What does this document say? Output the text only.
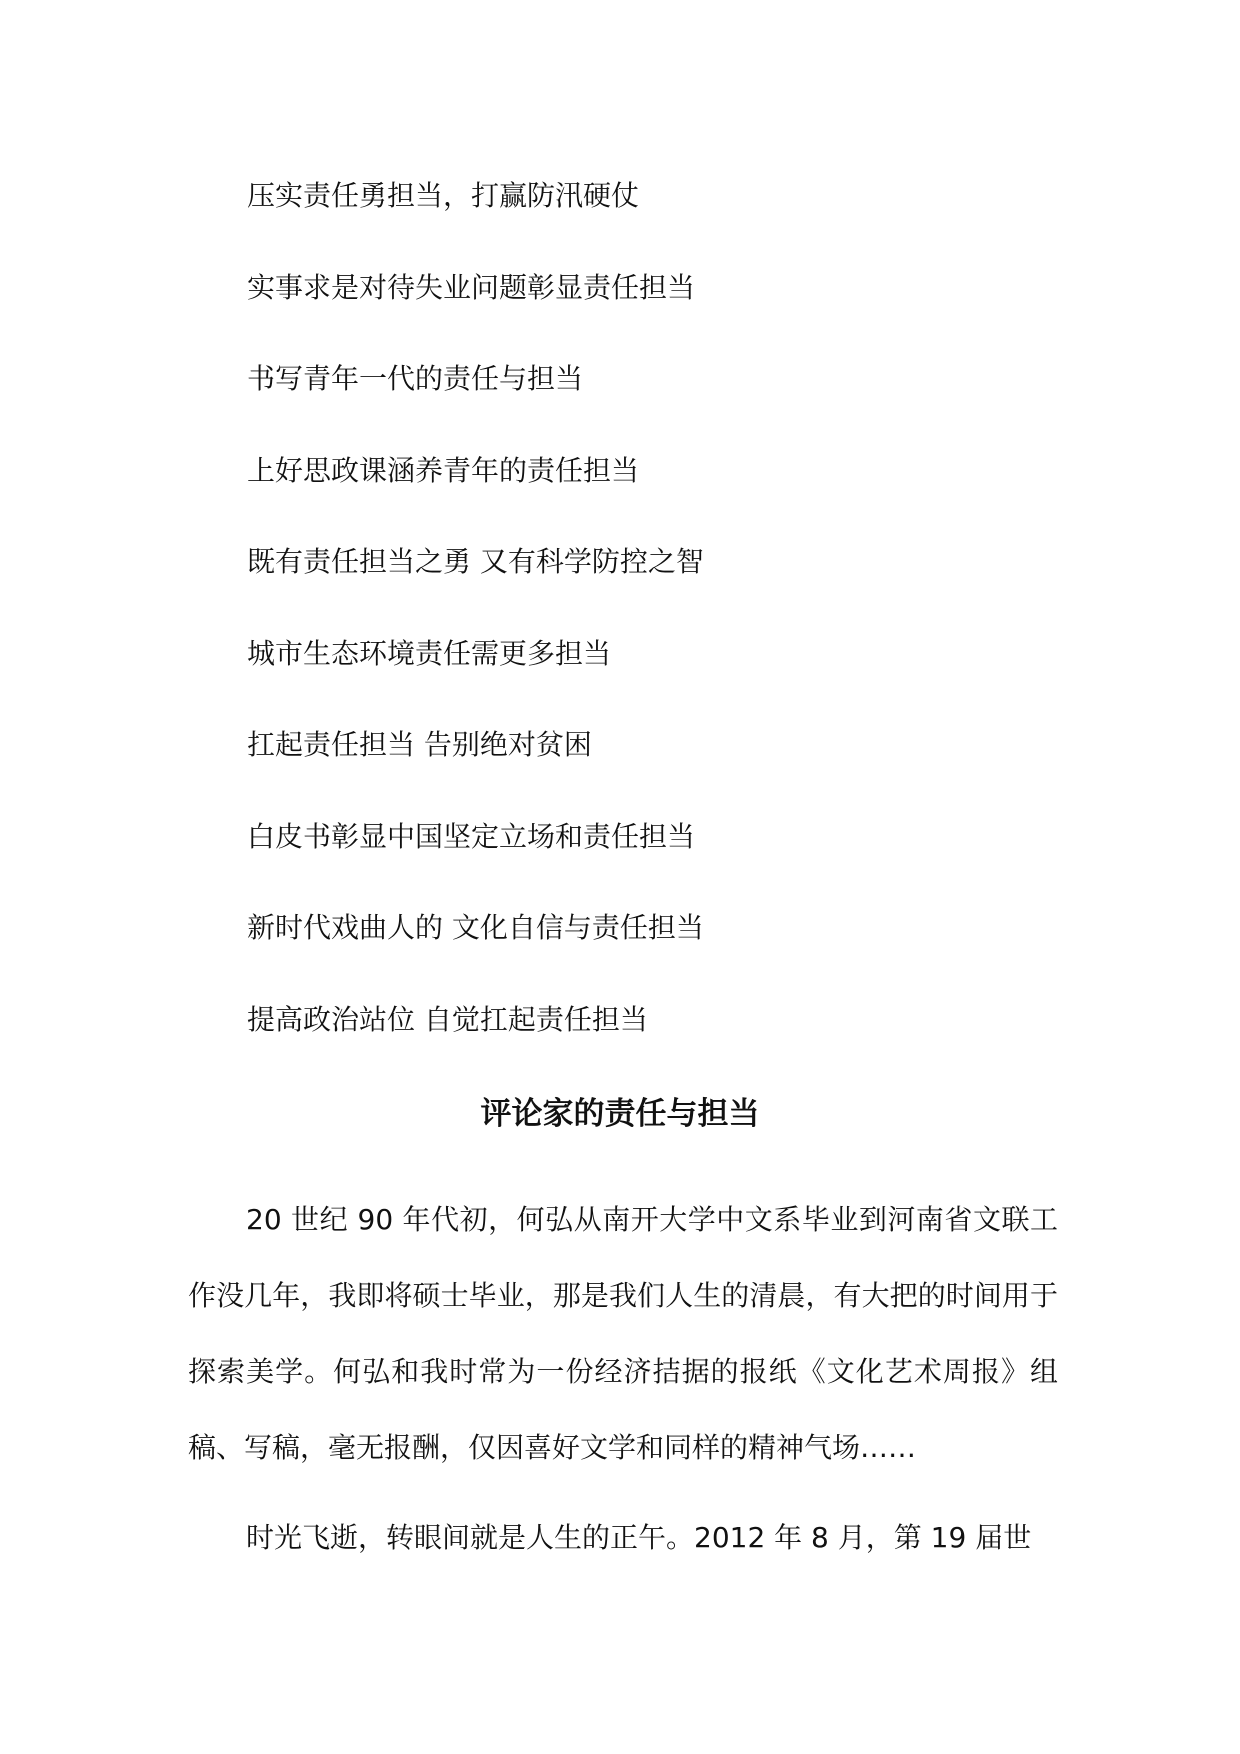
压实责任勇担当，打赢防汛硬仗
实事求是对待失业问题彰显责任担当
书写青年一代的责任与担当
上好思政课涵养青年的责任担当
既有责任担当之勇 又有科学防控之智
城市生态环境责任需更多担当
扛起责任担当 告别绝对贫困
白皮书彰显中国坚定立场和责任担当
新时代戏曲人的 文化自信与责任担当
提高政治站位 自觉扛起责任担当
评论家的责任与担当

20 世纪 90 年代初，何弘从南开大学中文系毕业到河南省文联工作没几年，我即将硕士毕业，那是我们人生的清晨，有大把的时间用于探索美学。何弘和我时常为一份经济拮据的报纸《文化艺术周报》组稿、写稿，毫无报酬，仅因喜好文学和同样的精神气场……

时光飞逝，转眼间就是人生的正午。2012 年 8 月，第 19 届世
